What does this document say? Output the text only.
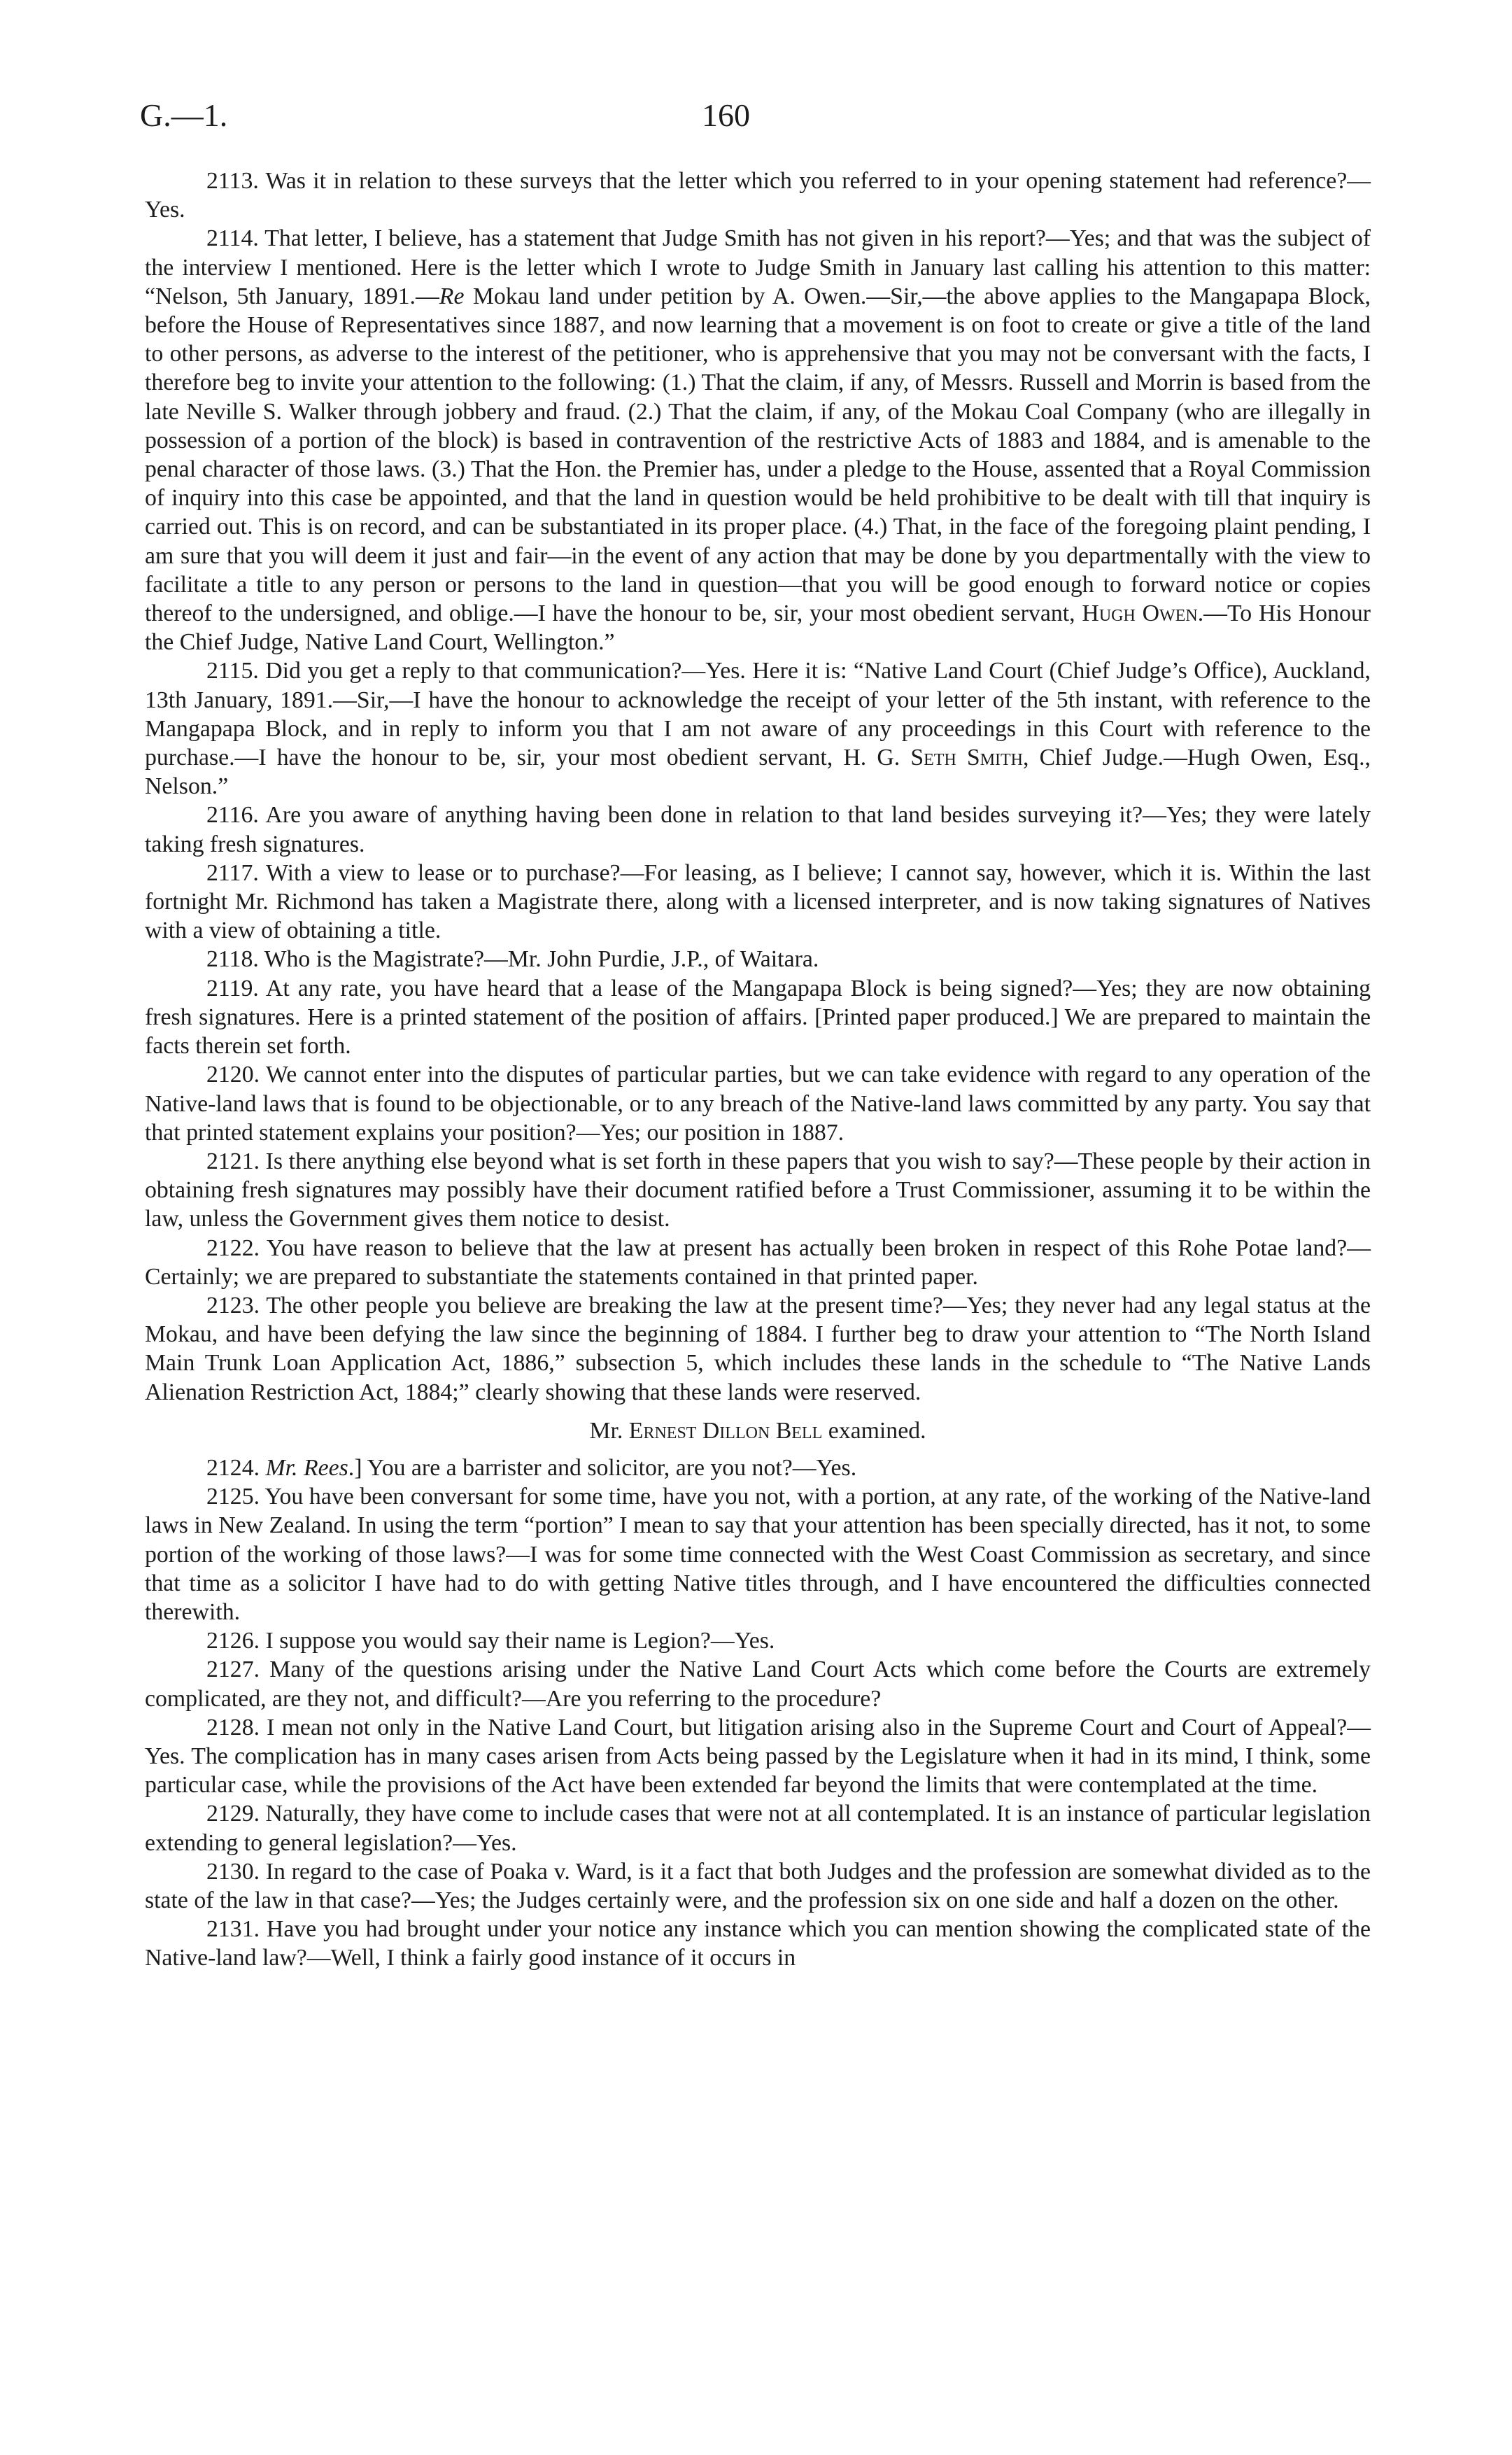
G.—1.	160

2113. Was it in relation to these surveys that the letter which you referred to in your opening statement had reference?—Yes.

2114. That letter, I believe, has a statement that Judge Smith has not given in his report?—Yes; and that was the subject of the interview I mentioned. Here is the letter which I wrote to Judge Smith in January last calling his attention to this matter: “Nelson, 5th January, 1891.—Re Mokau land under petition by A. Owen.—Sir,—the above applies to the Mangapapa Block, before the House of Representatives since 1887, and now learning that a movement is on foot to create or give a title of the land to other persons, as adverse to the interest of the petitioner, who is apprehensive that you may not be conversant with the facts, I therefore beg to invite your attention to the following: (1.) That the claim, if any, of Messrs. Russell and Morrin is based from the late Neville S. Walker through jobbery and fraud. (2.) That the claim, if any, of the Mokau Coal Company (who are illegally in possession of a portion of the block) is based in contravention of the restrictive Acts of 1883 and 1884, and is amenable to the penal character of those laws. (3.) That the Hon. the Premier has, under a pledge to the House, assented that a Royal Commission of inquiry into this case be appointed, and that the land in question would be held prohibitive to be dealt with till that inquiry is carried out. This is on record, and can be substantiated in its proper place. (4.) That, in the face of the foregoing plaint pending, I am sure that you will deem it just and fair—in the event of any action that may be done by you departmentally with the view to facilitate a title to any person or persons to the land in question—that you will be good enough to forward notice or copies thereof to the undersigned, and oblige.—I have the honour to be, sir, your most obedient servant, Hugh Owen.—To His Honour the Chief Judge, Native Land Court, Wellington.”

2115. Did you get a reply to that communication?—Yes. Here it is: “Native Land Court (Chief Judge’s Office), Auckland, 13th January, 1891.—Sir,—I have the honour to acknowledge the receipt of your letter of the 5th instant, with reference to the Mangapapa Block, and in reply to inform you that I am not aware of any proceedings in this Court with reference to the purchase.—I have the honour to be, sir, your most obedient servant, H. G. Seth Smith, Chief Judge.—Hugh Owen, Esq., Nelson.”

2116. Are you aware of anything having been done in relation to that land besides surveying it?—Yes; they were lately taking fresh signatures.

2117. With a view to lease or to purchase?—For leasing, as I believe; I cannot say, however, which it is. Within the last fortnight Mr. Richmond has taken a Magistrate there, along with a licensed interpreter, and is now taking signatures of Natives with a view of obtaining a title.

2118. Who is the Magistrate?—Mr. John Purdie, J.P., of Waitara.

2119. At any rate, you have heard that a lease of the Mangapapa Block is being signed?—Yes; they are now obtaining fresh signatures. Here is a printed statement of the position of affairs. [Printed paper produced.] We are prepared to maintain the facts therein set forth.

2120. We cannot enter into the disputes of particular parties, but we can take evidence with regard to any operation of the Native-land laws that is found to be objectionable, or to any breach of the Native-land laws committed by any party. You say that that printed statement explains your position?—Yes; our position in 1887.

2121. Is there anything else beyond what is set forth in these papers that you wish to say?—These people by their action in obtaining fresh signatures may possibly have their document ratified before a Trust Commissioner, assuming it to be within the law, unless the Government gives them notice to desist.

2122. You have reason to believe that the law at present has actually been broken in respect of this Rohe Potae land?—Certainly; we are prepared to substantiate the statements contained in that printed paper.

2123. The other people you believe are breaking the law at the present time?—Yes; they never had any legal status at the Mokau, and have been defying the law since the beginning of 1884. I further beg to draw your attention to “The North Island Main Trunk Loan Application Act, 1886,” subsection 5, which includes these lands in the schedule to “The Native Lands Alienation Restriction Act, 1884;” clearly showing that these lands were reserved.

Mr. Ernest Dillon Bell examined.

2124. Mr. Rees.] You are a barrister and solicitor, are you not?—Yes.

2125. You have been conversant for some time, have you not, with a portion, at any rate, of the working of the Native-land laws in New Zealand. In using the term “portion” I mean to say that your attention has been specially directed, has it not, to some portion of the working of those laws?—I was for some time connected with the West Coast Commission as secretary, and since that time as a solicitor I have had to do with getting Native titles through, and I have encountered the difficulties connected therewith.

2126. I suppose you would say their name is Legion?—Yes.

2127. Many of the questions arising under the Native Land Court Acts which come before the Courts are extremely complicated, are they not, and difficult?—Are you referring to the procedure?

2128. I mean not only in the Native Land Court, but litigation arising also in the Supreme Court and Court of Appeal?—Yes. The complication has in many cases arisen from Acts being passed by the Legislature when it had in its mind, I think, some particular case, while the provisions of the Act have been extended far beyond the limits that were contemplated at the time.

2129. Naturally, they have come to include cases that were not at all contemplated. It is an instance of particular legislation extending to general legislation?—Yes.

2130. In regard to the case of Poaka v. Ward, is it a fact that both Judges and the profession are somewhat divided as to the state of the law in that case?—Yes; the Judges certainly were, and the profession six on one side and half a dozen on the other.

2131. Have you had brought under your notice any instance which you can mention showing the complicated state of the Native-land law?—Well, I think a fairly good instance of it occurs in
